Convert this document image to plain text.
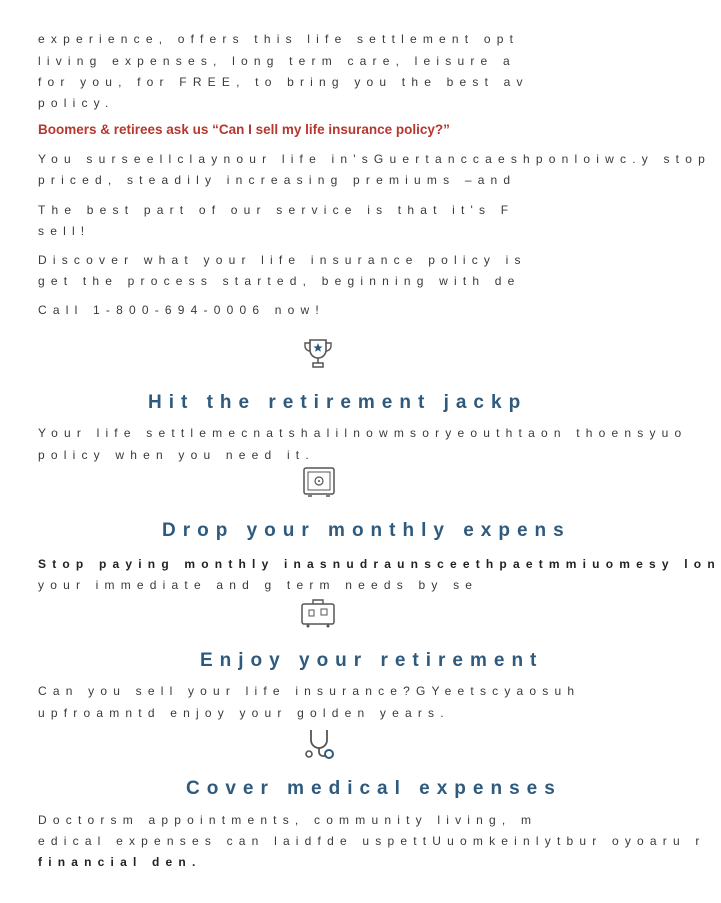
experience, offers this life settlement opt
living expenses, long term care, leisure a
for you, for FREE, to bring you the best av
policy.
Boomers & retirees ask us “Can I sell my life insurance policy?”
You surseellclaynour life in'sGuertanccaeshponloiwc.y stop
priced, steadily increasing premiums –and
The best part of our service is that it's F
sell!
Discover what your life insurance policy is
get the process started, beginning with de
Call 1-800-694-0006 now!
Hit the retirement jackp
Your life settlemecnatshalilnowmsoryeouthtaon thoensyuo
policy when you need it.
Drop your monthly expens
Stop paying monthly inasnudraunsceethpaetmmiuomesy lon
your immediate and g term needs by se
Enjoy your retirement
Can you sell your life insurance?GYeetscyaosuh
upfroamntd enjoy your golden years.
Cover medical expenses
Doctorsm appointments, community living, m
edical expenses can laidfde uspettUuomkeinlytbur oyoaru r
financial den.
